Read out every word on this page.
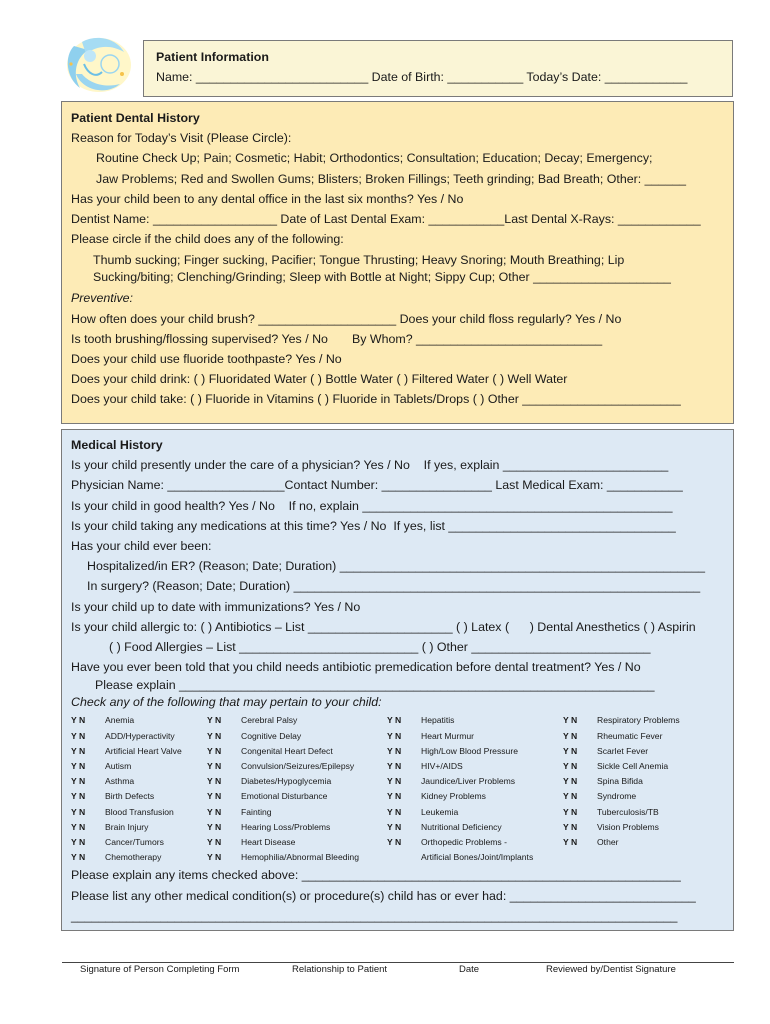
Patient Information
Name: _________________________ Date of Birth: ___________ Today’s Date: ____________
Patient Dental History
Reason for Today’s Visit (Please Circle):
Routine Check Up; Pain; Cosmetic; Habit; Orthodontics; Consultation; Education; Decay; Emergency;
Jaw Problems; Red and Swollen Gums; Blisters; Broken Fillings; Teeth grinding; Bad Breath; Other: ______
Has your child been to any dental office in the last six months? Yes / No
Dentist Name: __________________ Date of Last Dental Exam: ___________Last Dental X-Rays: ____________
Please circle if the child does any of the following:
Thumb sucking; Finger sucking, Pacifier; Tongue Thrusting; Heavy Snoring; Mouth Breathing; Lip
Sucking/biting; Clenching/Grinding; Sleep with Bottle at Night; Sippy Cup; Other ____________________
Preventive:
How often does your child brush? ____________________ Does your child floss regularly? Yes / No
Is tooth brushing/flossing supervised? Yes / No       By Whom? ___________________________
Does your child use fluoride toothpaste? Yes / No
Does your child drink: ( ) Fluoridated Water ( ) Bottle Water ( ) Filtered Water ( ) Well Water
Does your child take: ( ) Fluoride in Vitamins ( ) Fluoride in Tablets/Drops ( ) Other _______________________
Medical History
Is your child presently under the care of a physician? Yes / No    If yes, explain ________________________
Physician Name: _________________Contact Number: ________________ Last Medical Exam: ___________
Is your child in good health? Yes / No    If no, explain _____________________________________________
Is your child taking any medications at this time? Yes / No  If yes, list _________________________________
Has your child ever been:
Hospitalized/in ER? (Reason; Date; Duration) _____________________________________________________
In surgery? (Reason; Date; Duration) ___________________________________________________________
Is your child up to date with immunizations? Yes / No
Is your child allergic to: ( ) Antibiotics – List _____________________ ( ) Latex (      ) Dental Anesthetics ( ) Aspirin
( ) Food Allergies – List __________________________ ( ) Other __________________________
Have you ever been told that you child needs antibiotic premedication before dental treatment? Yes / No
Please explain _____________________________________________________________________
Check any of the following that may pertain to your child:
Y N	Anemia	Y N	Cerebral Palsy	Y N	Hepatitis	Y N	Respiratory Problems
Y N	ADD/Hyperactivity	Y N	Cognitive Delay	Y N	Heart Murmur	Y N	Rheumatic Fever
Y N	Artificial Heart Valve	Y N	Congenital Heart Defect	Y N	High/Low Blood Pressure	Y N	Scarlet Fever
Y N	Autism	Y N	Convulsion/Seizures/Epilepsy	Y N	HIV+/AIDS	Y N	Sickle Cell Anemia
Y N	Asthma	Y N	Diabetes/Hypoglycemia	Y N	Jaundice/Liver Problems	Y N	Spina Bifida
Y N	Birth Defects	Y N	Emotional Disturbance	Y N	Kidney Problems	Y N	Syndrome
Y N	Blood Transfusion	Y N	Fainting	Y N	Leukemia	Y N	Tuberculosis/TB
Y N	Brain Injury	Y N	Hearing Loss/Problems	Y N	Nutritional Deficiency	Y N	Vision Problems
Y N	Cancer/Tumors	Y N	Heart Disease	Y N	Orthopedic Problems -	Y N	Other
Y N	Chemotherapy	Y N	Hemophilia/Abnormal Bleeding		Artificial Bones/Joint/Implants		
Please explain any items checked above: _______________________________________________________
Please list any other medical condition(s) or procedure(s) child has or ever had: ___________________________
________________________________________________________________________________________
Signature of Person Completing Form	Relationship to Patient	Date	Reviewed by/Dentist Signature
